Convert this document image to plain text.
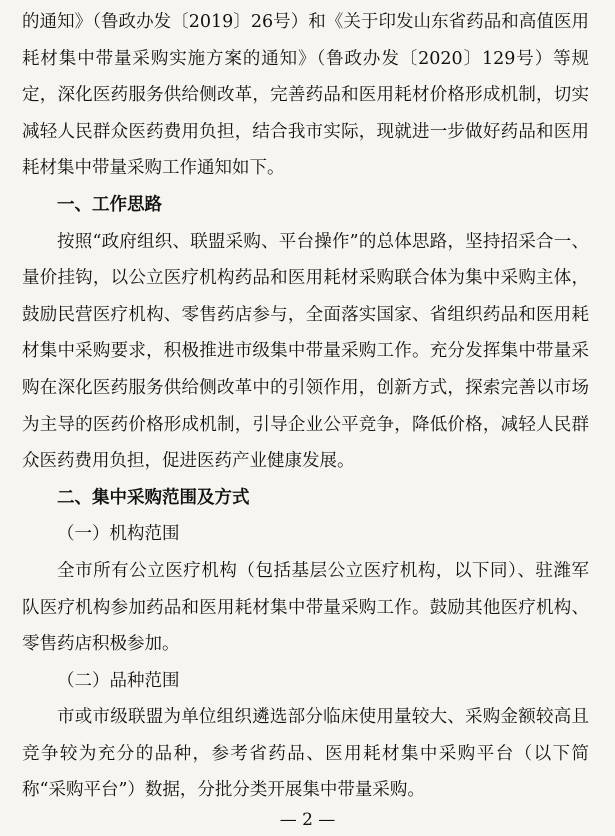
的通知》（鲁政办发〔2019〕26号）和《关于印发山东省药品和高值医用耗材集中带量采购实施方案的通知》（鲁政办发〔2020〕129号）等规定，深化医药服务供给侧改革，完善药品和医用耗材价格形成机制，切实减轻人民群众医药费用负担，结合我市实际，现就进一步做好药品和医用耗材集中带量采购工作通知如下。

一、工作思路

按照“政府组织、联盟采购、平台操作”的总体思路，坚持招采合一、量价挂钩，以公立医疗机构药品和医用耗材采购联合体为集中采购主体，鼓励民营医疗机构、零售药店参与，全面落实国家、省组织药品和医用耗材集中采购要求，积极推进市级集中带量采购工作。充分发挥集中带量采购在深化医药服务供给侧改革中的引领作用，创新方式，探索完善以市场为主导的医药价格形成机制，引导企业公平竞争，降低价格，减轻人民群众医药费用负担，促进医药产业健康发展。

二、集中采购范围及方式

（一）机构范围

全市所有公立医疗机构（包括基层公立医疗机构，以下同）、驻潍军队医疗机构参加药品和医用耗材集中带量采购工作。鼓励其他医疗机构、零售药店积极参加。

（二）品种范围

市或市级联盟为单位组织遴选部分临床使用量较大、采购金额较高且竞争较为充分的品种，参考省药品、医用耗材集中采购平台（以下简称“采购平台”）数据，分批分类开展集中带量采购。

— 2 —
